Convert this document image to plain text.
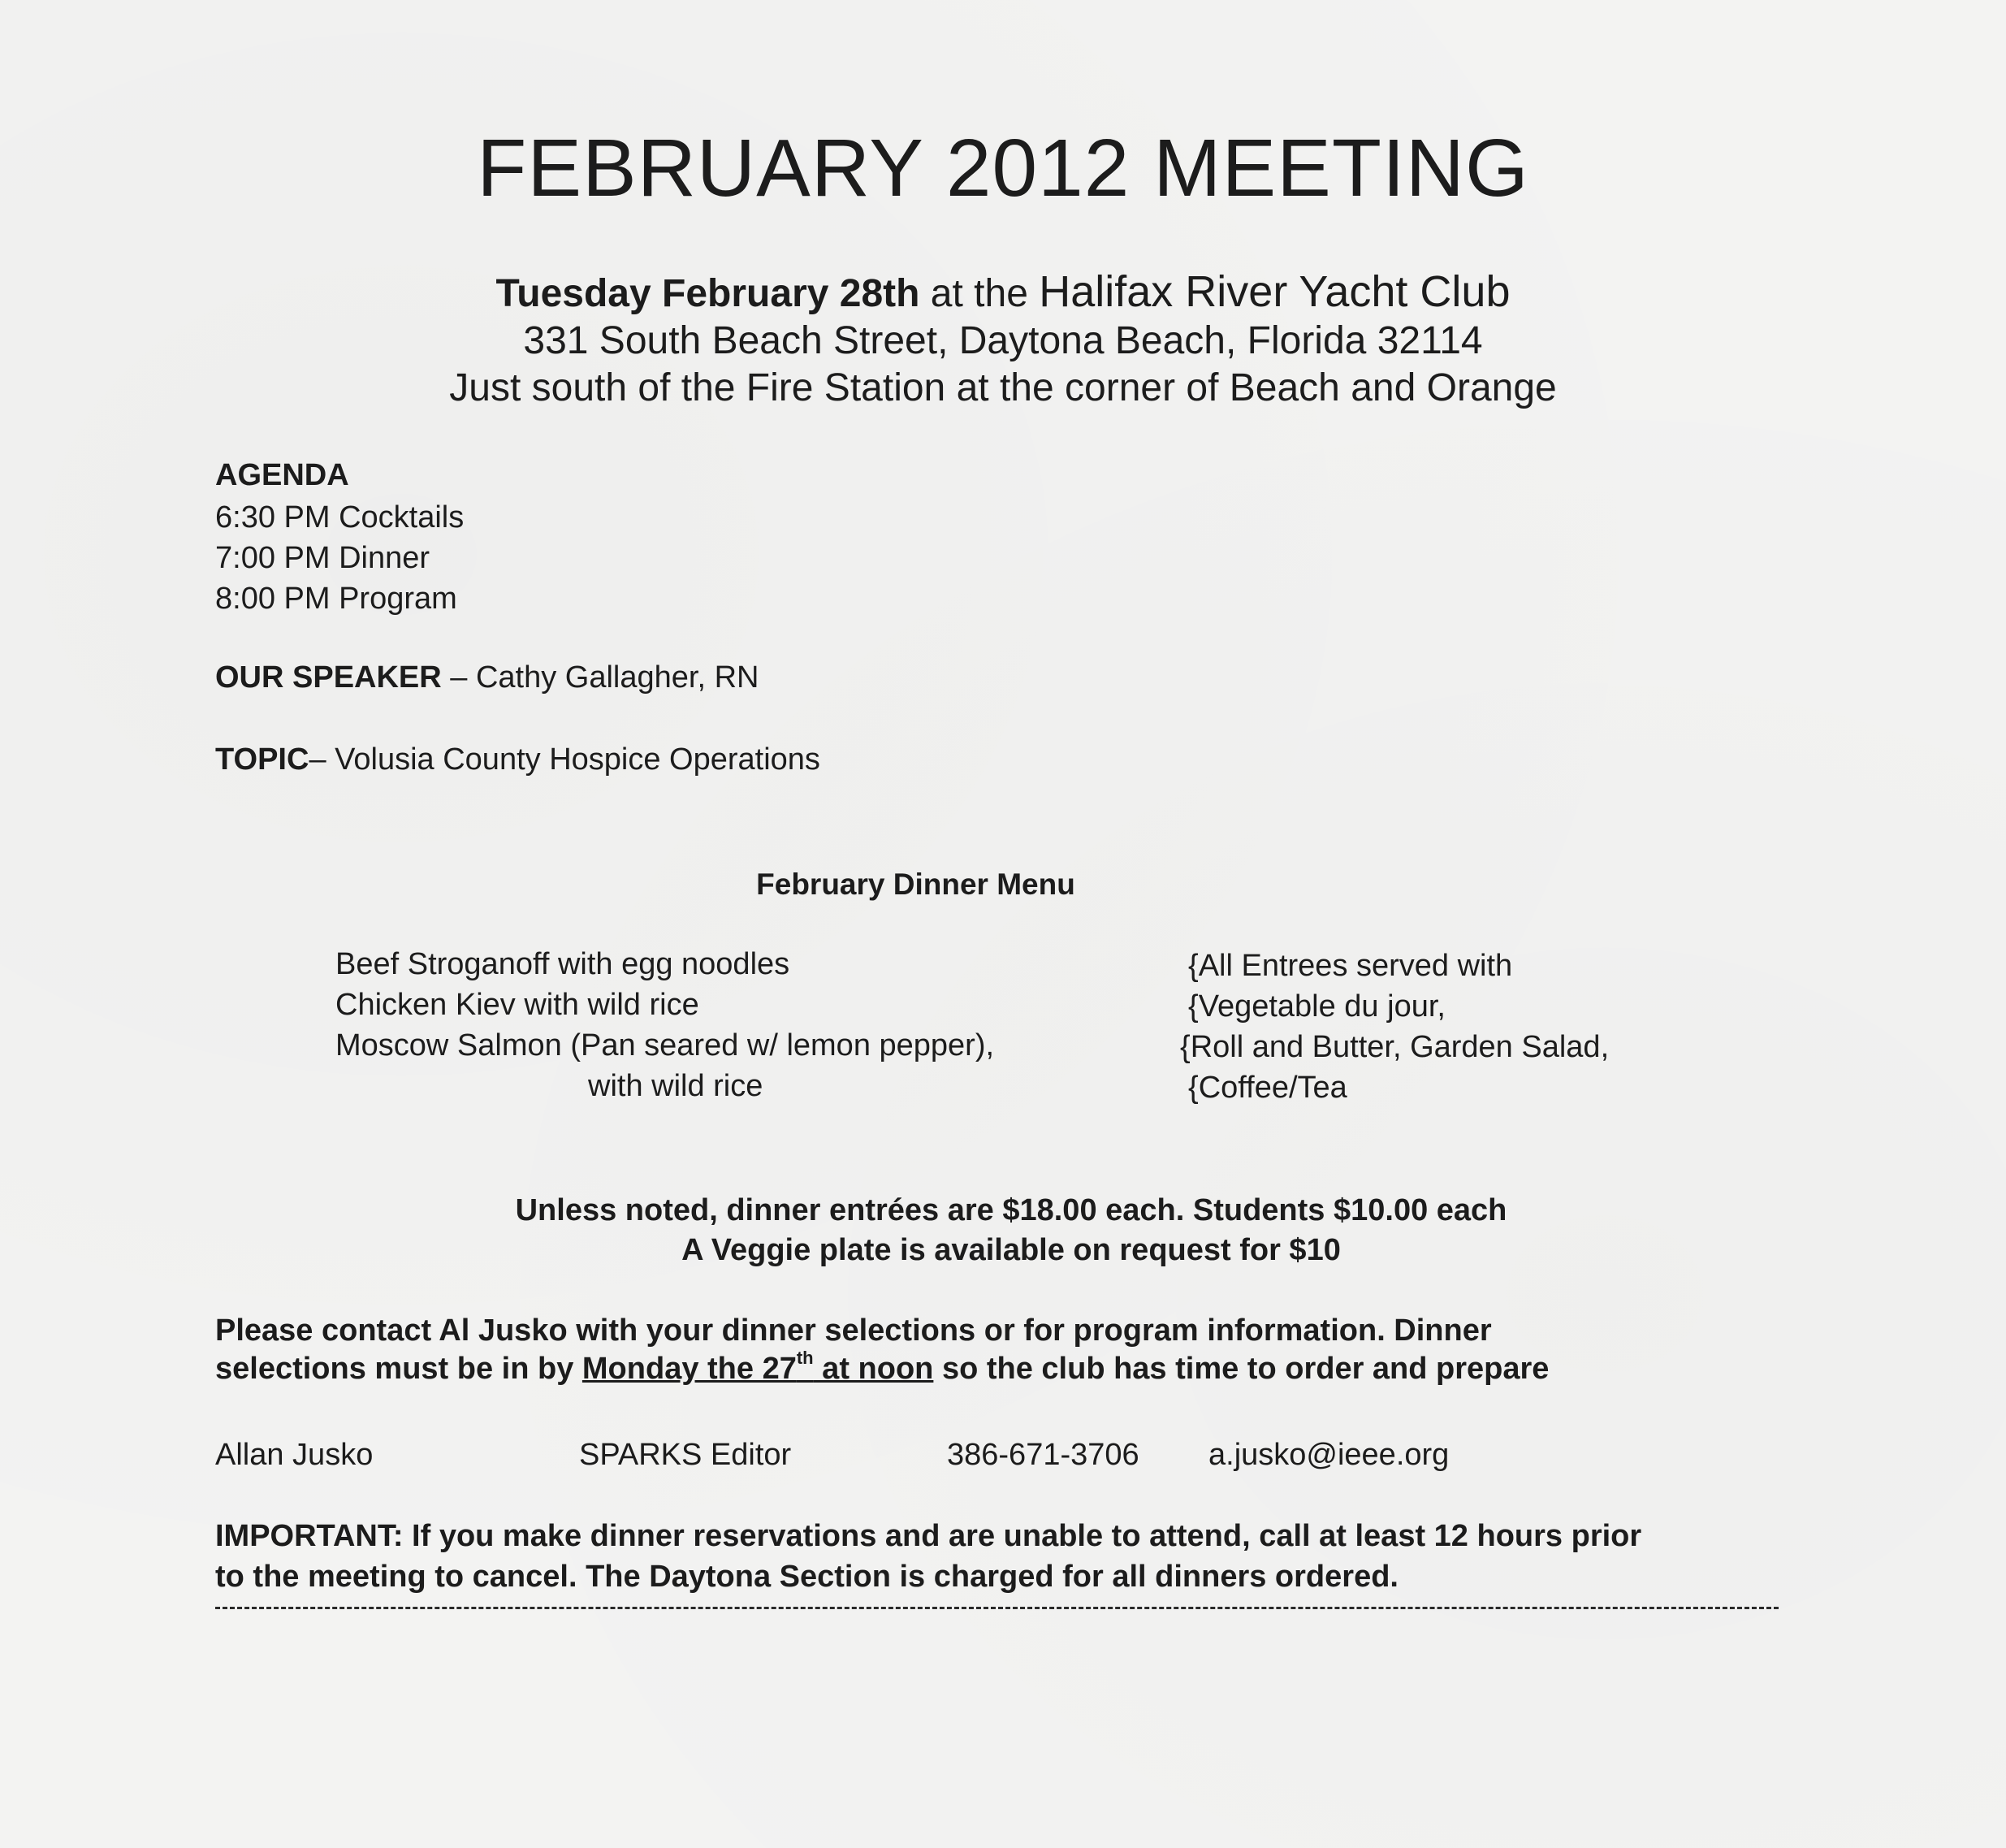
FEBRUARY 2012 MEETING
Tuesday February 28th at the Halifax River Yacht Club
331 South Beach Street, Daytona Beach, Florida 32114
Just south of the Fire Station at the corner of Beach and Orange
AGENDA
6:30 PM Cocktails
7:00 PM Dinner
8:00 PM Program
OUR SPEAKER – Cathy Gallagher, RN
TOPIC– Volusia County Hospice Operations
February Dinner Menu
Beef Stroganoff with egg noodles
Chicken Kiev with wild rice
Moscow Salmon (Pan seared w/ lemon pepper),
with wild rice
{All Entrees served with
{Vegetable du jour,
{Roll and Butter, Garden Salad,
{Coffee/Tea
Unless noted, dinner entrées are $18.00 each. Students $10.00 each
A Veggie plate is available on request for $10
Please contact Al Jusko with your dinner selections or for program information. Dinner
selections must be in by Monday the 27th at noon so the club has time to order and prepare
Allan Jusko	SPARKS Editor	386-671-3706 a.jusko@ieee.org
IMPORTANT: If you make dinner reservations and are unable to attend, call at least 12 hours prior
to the meeting to cancel. The Daytona Section is charged for all dinners ordered.
